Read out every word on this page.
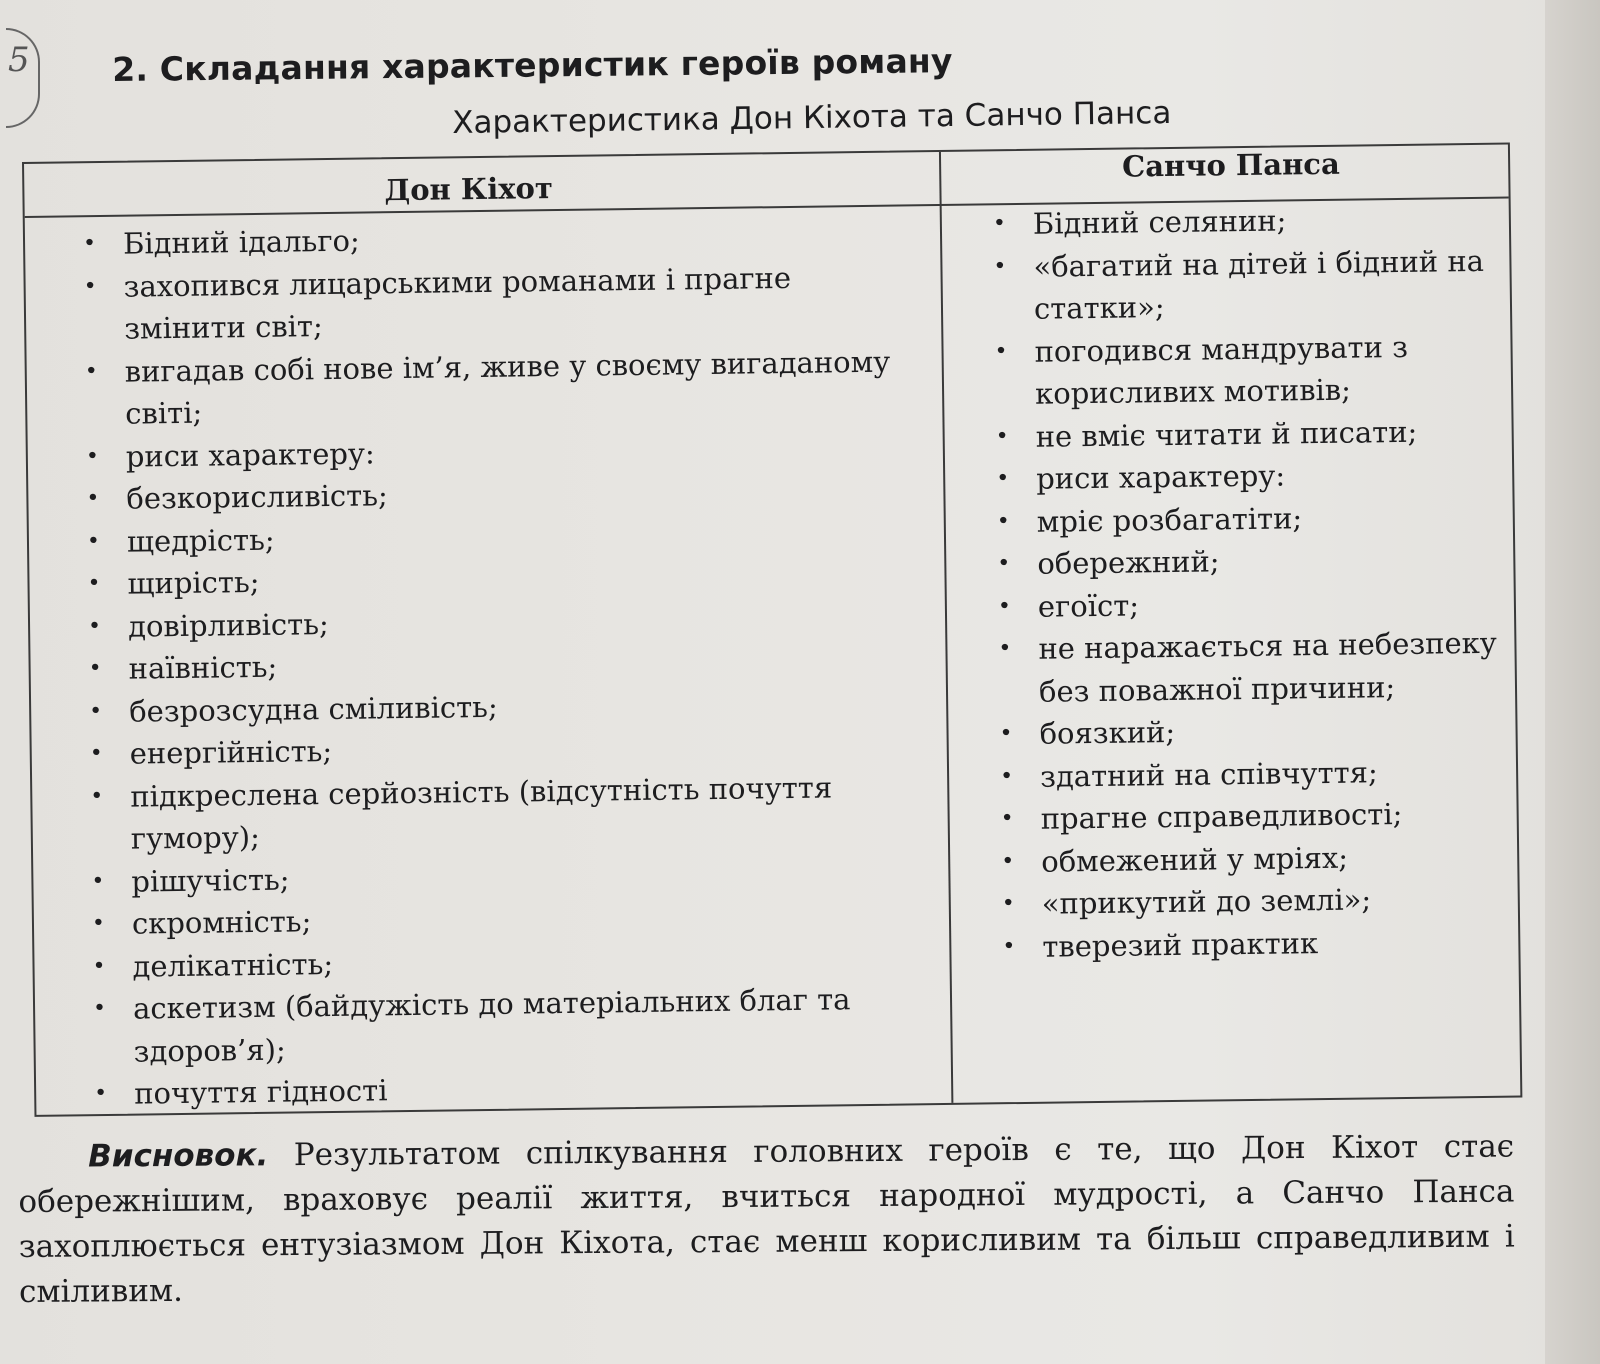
5 2. Складання характеристик героїв роману
Характеристика Дон Кіхота та Санчо Панса
Дон Кіхот
Санчо Панса
• Бідний ідальго;
• захопився лицарськими романами і прагне змінити світ;
• вигадав собі нове ім’я, живе у своєму вигаданому світі;
• риси характеру:
• безкорисливість;
• щедрість;
• щирість;
• довірливість;
• наївність;
• безрозсудна сміливість;
• енергійність;
• підкреслена серйозність (відсутність почуття гумору);
• рішучість;
• скромність;
• делікатність;
• аскетизм (байдужість до матеріальних благ та здоров’я);
• почуття гідності
• Бідний селянин;
• «багатий на дітей і бідний на статки»;
• погодився мандрувати з корисливих мотивів;
• не вміє читати й писати;
• риси характеру:
• мріє розбагатіти;
• обережний;
• егоїст;
• не наражається на небезпеку без поважної причини;
• боязкий;
• здатний на співчуття;
• прагне справедливості;
• обмежений у мріях;
• «прикутий до землі»;
• тверезий практик
Висновок. Результатом спілкування головних героїв є те, що Дон Кіхот стає обережнішим, враховує реалії життя, вчиться народної мудрості, а Санчо Панса захоплюється ентузіазмом Дон Кіхота, стає менш корисливим та більш справедливим і сміливим.
